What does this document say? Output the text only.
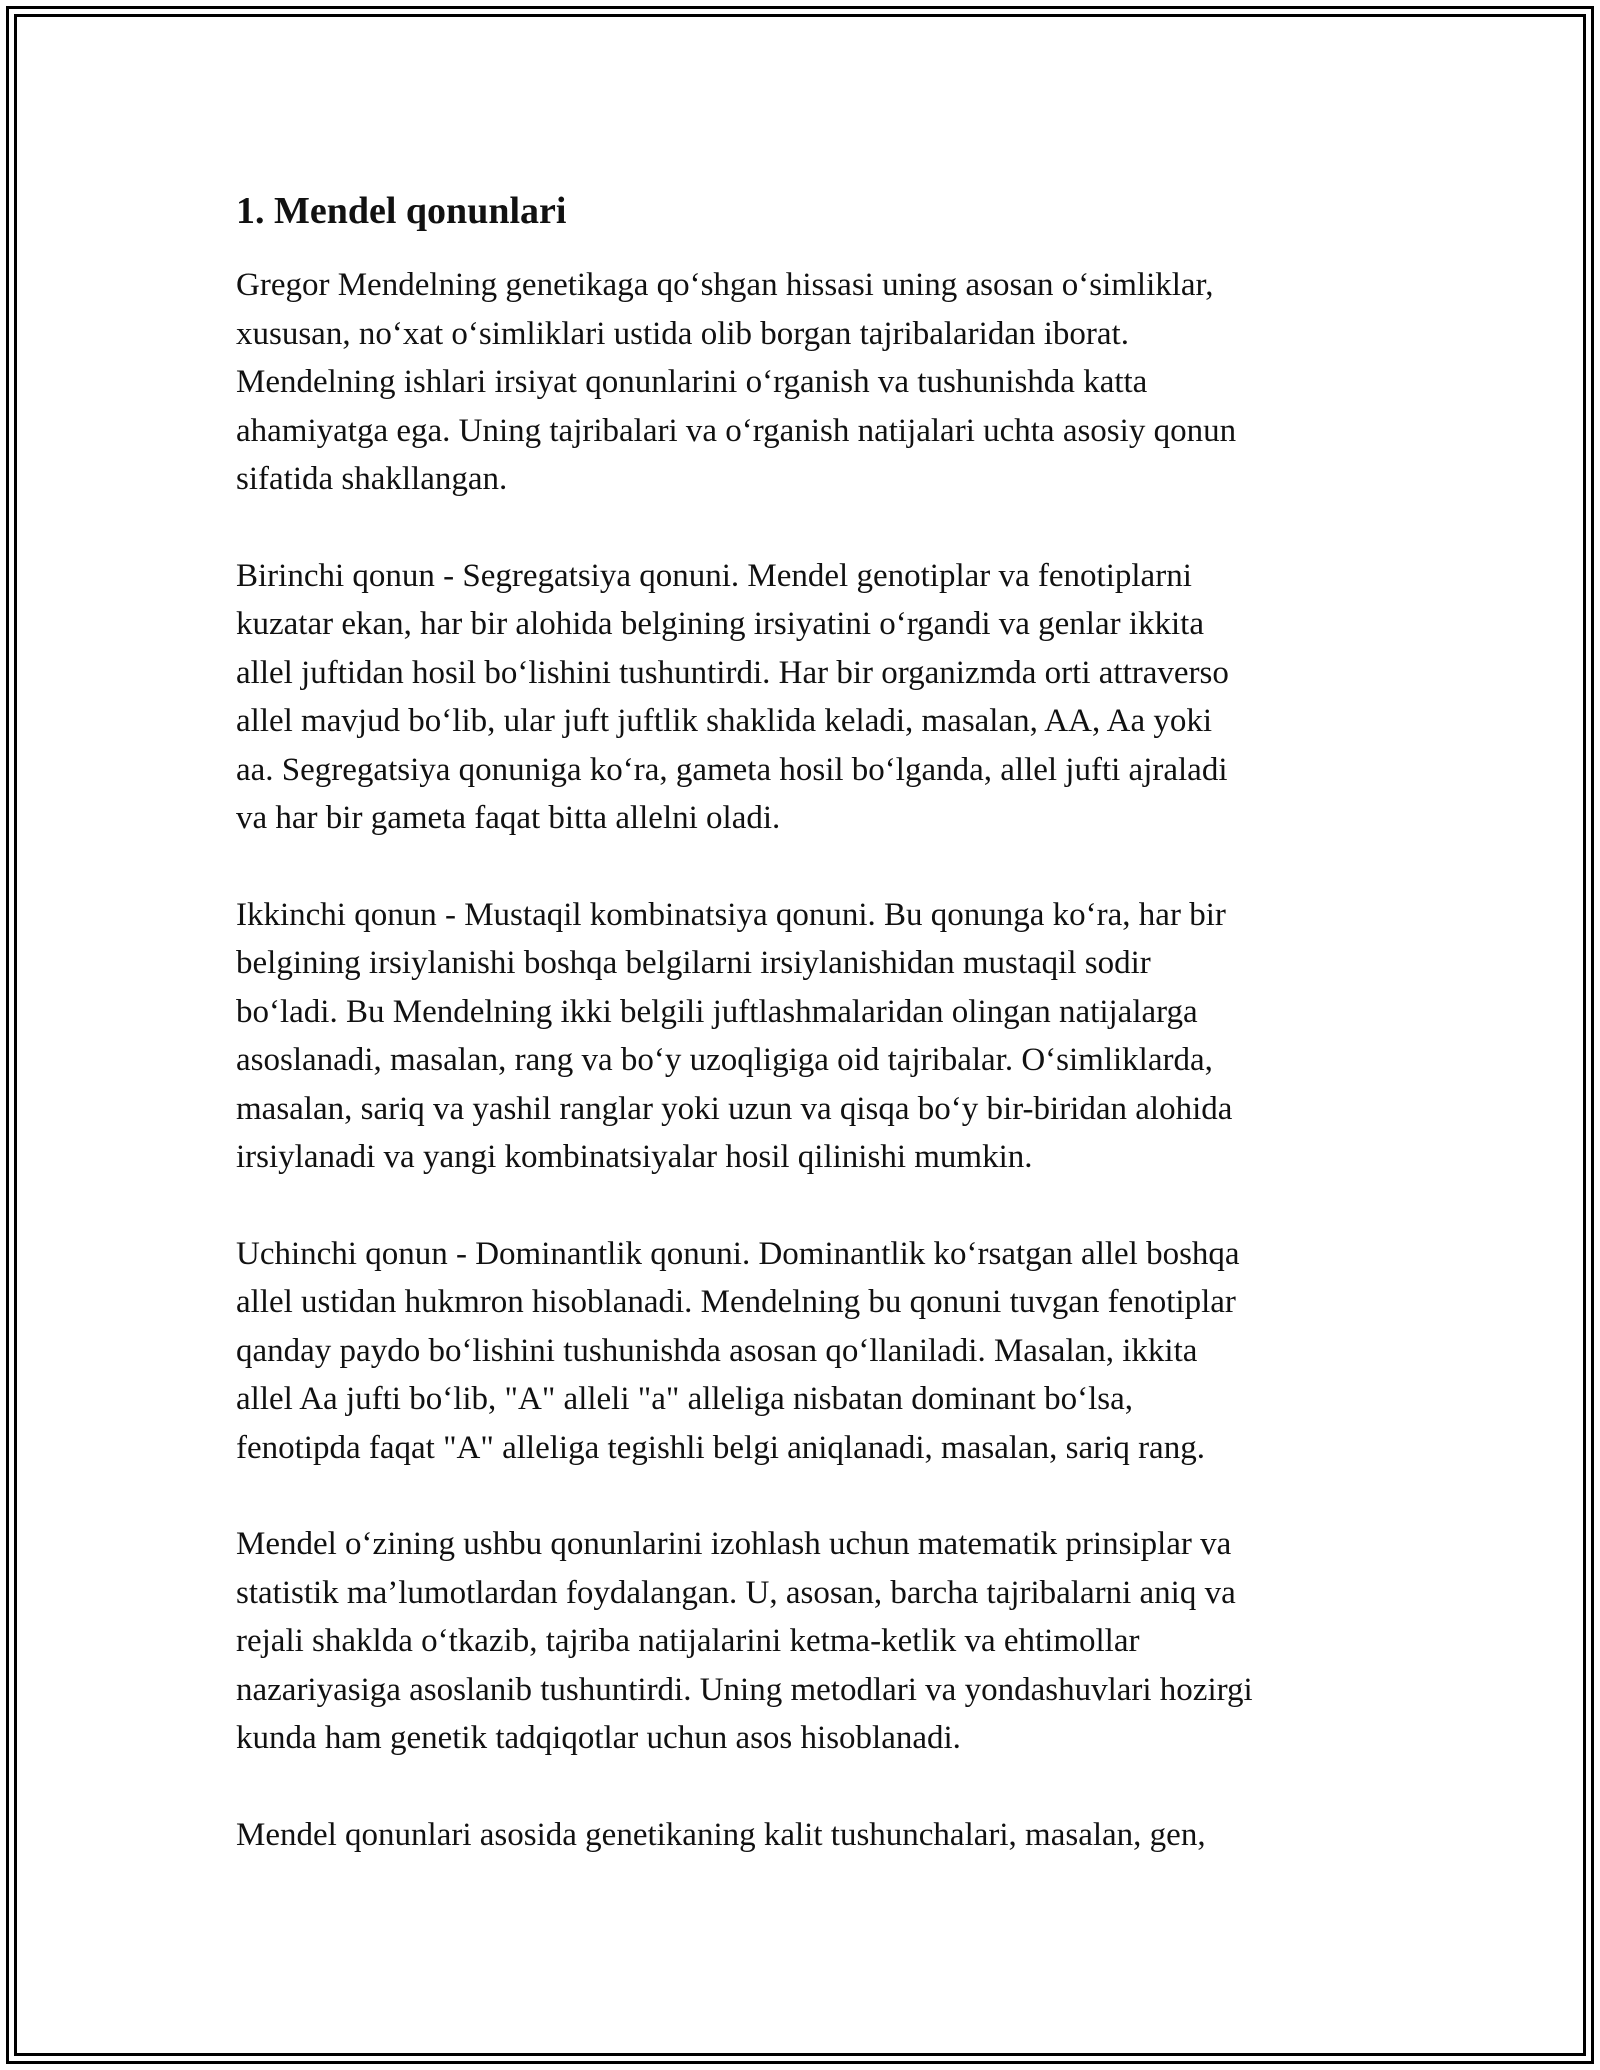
1. Mendel qonunlari

Gregor Mendelning genetikaga qo‘shgan hissasi uning asosan o‘simliklar,
xususan, no‘xat o‘simliklari ustida olib borgan tajribalaridan iborat.
Mendelning ishlari irsiyat qonunlarini o‘rganish va tushunishda katta
ahamiyatga ega. Uning tajribalari va o‘rganish natijalari uchta asosiy qonun
sifatida shakllangan.

Birinchi qonun - Segregatsiya qonuni. Mendel genotiplar va fenotiplarni
kuzatar ekan, har bir alohida belgining irsiyatini o‘rgandi va genlar ikkita
allel juftidan hosil bo‘lishini tushuntirdi. Har bir organizmda orti attraverso
allel mavjud bo‘lib, ular juft juftlik shaklida keladi, masalan, AA, Aa yoki
aa. Segregatsiya qonuniga ko‘ra, gameta hosil bo‘lganda, allel jufti ajraladi
va har bir gameta faqat bitta allelni oladi.

Ikkinchi qonun - Mustaqil kombinatsiya qonuni. Bu qonunga ko‘ra, har bir
belgining irsiylanishi boshqa belgilarni irsiylanishidan mustaqil sodir
bo‘ladi. Bu Mendelning ikki belgili juftlashmalaridan olingan natijalarga
asoslanadi, masalan, rang va bo‘y uzoqligiga oid tajribalar. O‘simliklarda,
masalan, sariq va yashil ranglar yoki uzun va qisqa bo‘y bir-biridan alohida
irsiylanadi va yangi kombinatsiyalar hosil qilinishi mumkin.

Uchinchi qonun - Dominantlik qonuni. Dominantlik ko‘rsatgan allel boshqa
allel ustidan hukmron hisoblanadi. Mendelning bu qonuni tuvgan fenotiplar
qanday paydo bo‘lishini tushunishda asosan qo‘llaniladi. Masalan, ikkita
allel Aa jufti bo‘lib, "A" alleli "a" alleliga nisbatan dominant bo‘lsa,
fenotipda faqat "A" alleliga tegishli belgi aniqlanadi, masalan, sariq rang.

Mendel o‘zining ushbu qonunlarini izohlash uchun matematik prinsiplar va
statistik ma’lumotlardan foydalangan. U, asosan, barcha tajribalarni aniq va
rejali shaklda o‘tkazib, tajriba natijalarini ketma-ketlik va ehtimollar
nazariyasiga asoslanib tushuntirdi. Uning metodlari va yondashuvlari hozirgi
kunda ham genetik tadqiqotlar uchun asos hisoblanadi.

Mendel qonunlari asosida genetikaning kalit tushunchalari, masalan, gen,
